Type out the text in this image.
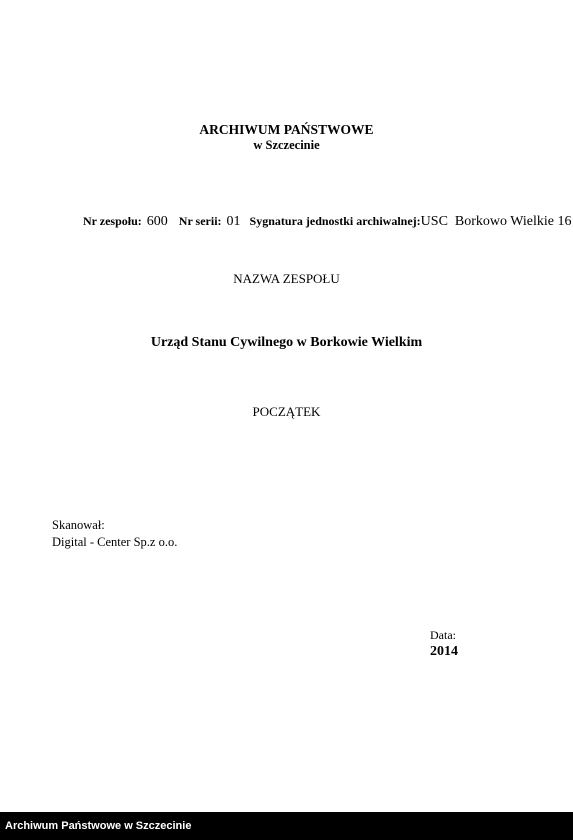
ARCHIWUM PAŃSTWOWE
w Szczecinie
Nr zespołu: 600 Nr serii: 01 Sygnatura jednostki archiwalnej:USC  Borkowo Wielkie 16
NAZWA ZESPOŁU
Urząd Stanu Cywilnego w Borkowie Wielkim
POCZĄTEK
Skanował:
Digital - Center Sp.z o.o.
Data:
2014
Archiwum Państwowe w Szczecinie
